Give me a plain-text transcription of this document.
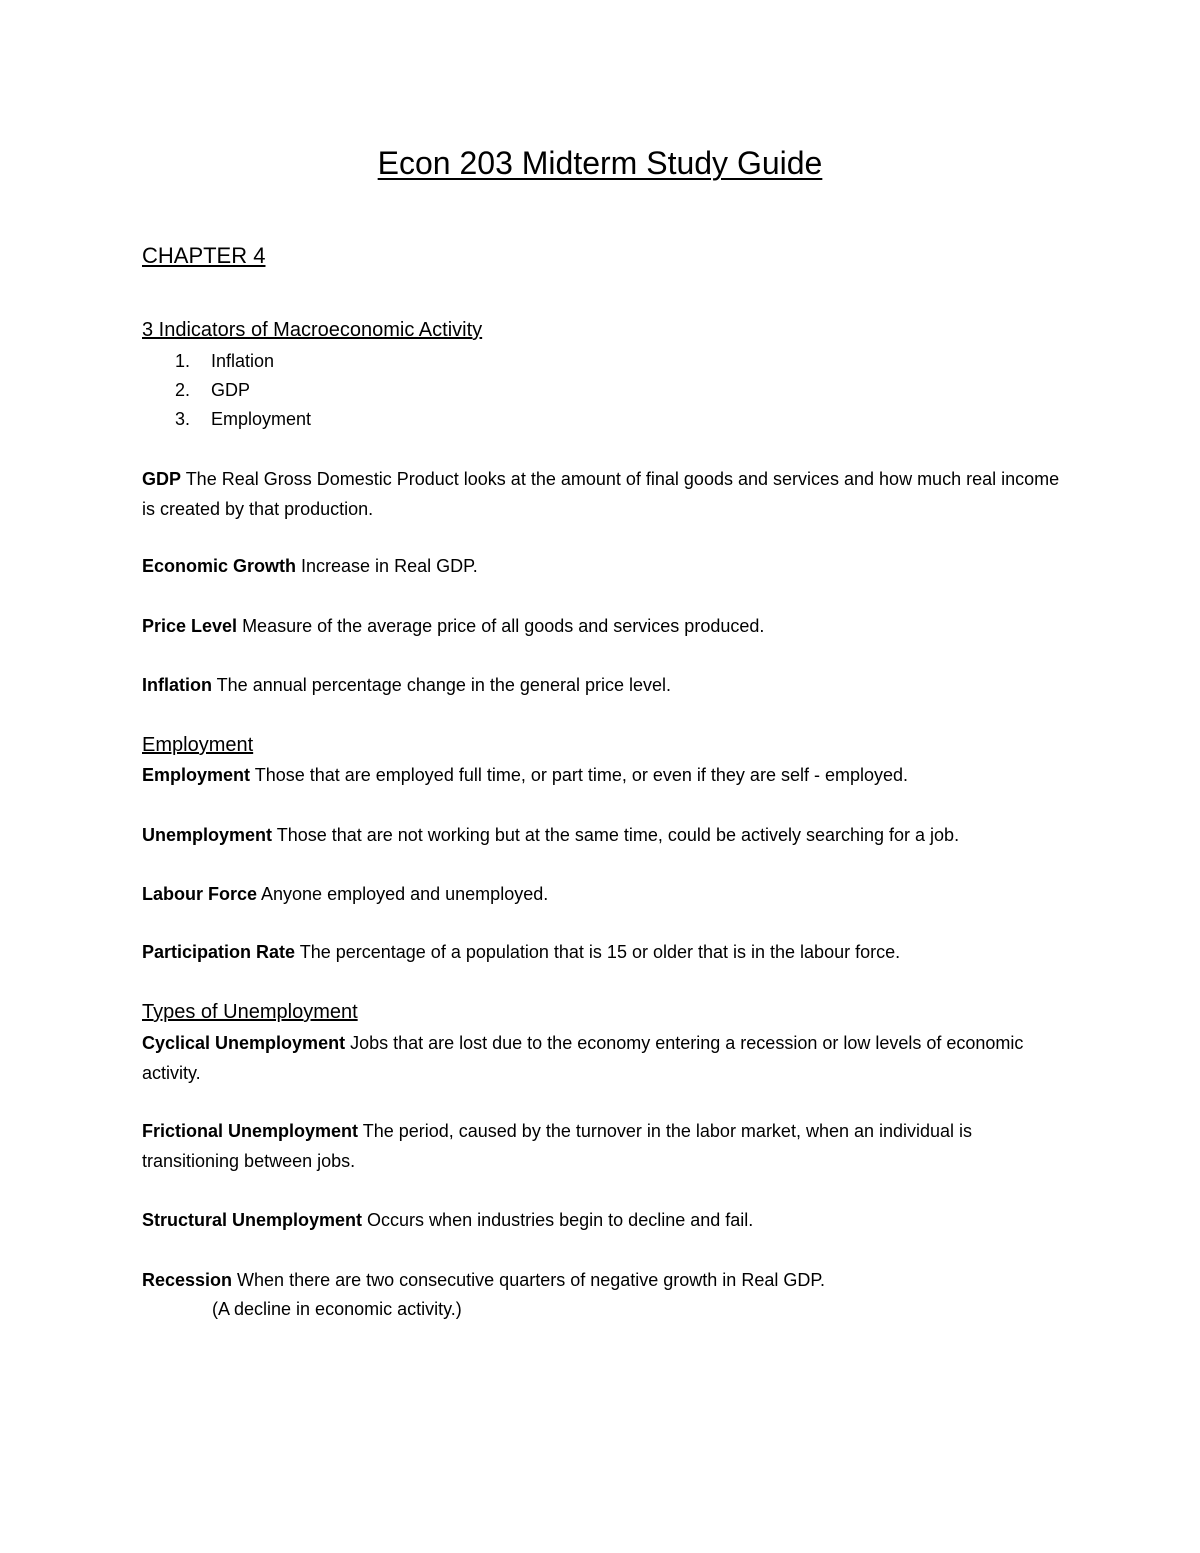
Econ 203 Midterm Study Guide
CHAPTER 4
3 Indicators of Macroeconomic Activity
1. Inflation
2. GDP
3. Employment

GDP The Real Gross Domestic Product looks at the amount of final goods and services and how much real income is created by that production.

Economic Growth Increase in Real GDP.

Price Level Measure of the average price of all goods and services produced.

Inflation The annual percentage change in the general price level.

Employment

Employment Those that are employed full time, or part time, or even if they are self - employed.

Unemployment Those that are not working but at the same time, could be actively searching for a job.

Labour Force Anyone employed and unemployed.

Participation Rate The percentage of a population that is 15 or older that is in the labour force.

Types of Unemployment

Cyclical Unemployment Jobs that are lost due to the economy entering a recession or low levels of economic activity.

Frictional Unemployment The period, caused by the turnover in the labor market, when an individual is transitioning between jobs.

Structural Unemployment Occurs when industries begin to decline and fail.

Recession When there are two consecutive quarters of negative growth in Real GDP.

(A decline in economic activity.)
